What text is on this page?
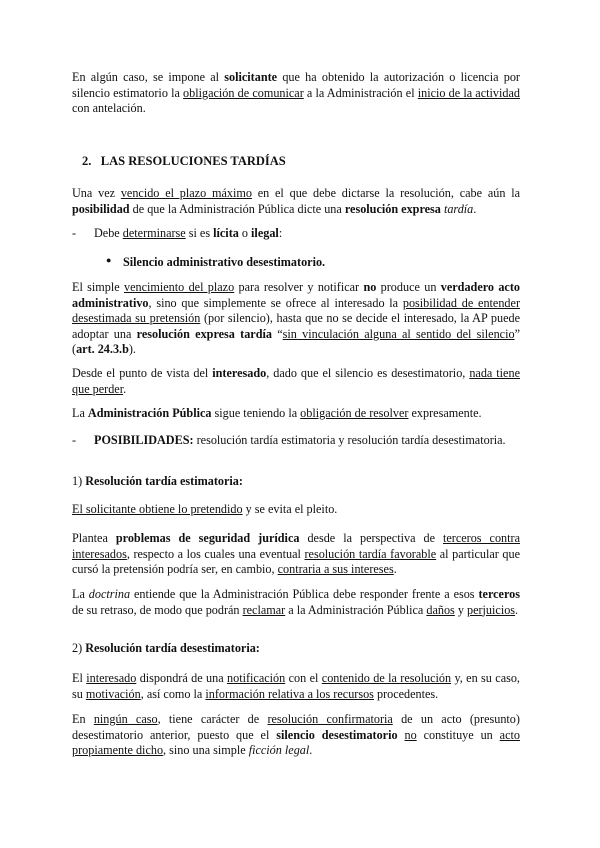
En algún caso, se impone al solicitante que ha obtenido la autorización o licencia por silencio estimatorio la obligación de comunicar a la Administración el inicio de la actividad con antelación.

2. LAS RESOLUCIONES TARDÍAS

Una vez vencido el plazo máximo en el que debe dictarse la resolución, cabe aún la posibilidad de que la Administración Pública dicte una resolución expresa tardía.

-	Debe determinarse si es lícita o ilegal:

● Silencio administrativo desestimatorio.

El simple vencimiento del plazo para resolver y notificar no produce un verdadero acto administrativo, sino que simplemente se ofrece al interesado la posibilidad de entender desestimada su pretensión (por silencio), hasta que no se decide el interesado, la AP puede adoptar una resolución expresa tardía “sin vinculación alguna al sentido del silencio” (art. 24.3.b).

Desde el punto de vista del interesado, dado que el silencio es desestimatorio, nada tiene que perder.

La Administración Pública sigue teniendo la obligación de resolver expresamente.

-	POSIBILIDADES: resolución tardía estimatoria y resolución tardía desestimatoria.

1) Resolución tardía estimatoria:

El solicitante obtiene lo pretendido y se evita el pleito.

Plantea problemas de seguridad jurídica desde la perspectiva de terceros contra interesados, respecto a los cuales una eventual resolución tardía favorable al particular que cursó la pretensión podría ser, en cambio, contraria a sus intereses.

La doctrina entiende que la Administración Pública debe responder frente a esos terceros de su retraso, de modo que podrán reclamar a la Administración Pública daños y perjuicios.

2) Resolución tardía desestimatoria:

El interesado dispondrá de una notificación con el contenido de la resolución y, en su caso, su motivación, así como la información relativa a los recursos procedentes.

En ningún caso, tiene carácter de resolución confirmatoria de un acto (presunto) desestimatorio anterior, puesto que el silencio desestimatorio no constituye un acto propiamente dicho, sino una simple ficción legal.
